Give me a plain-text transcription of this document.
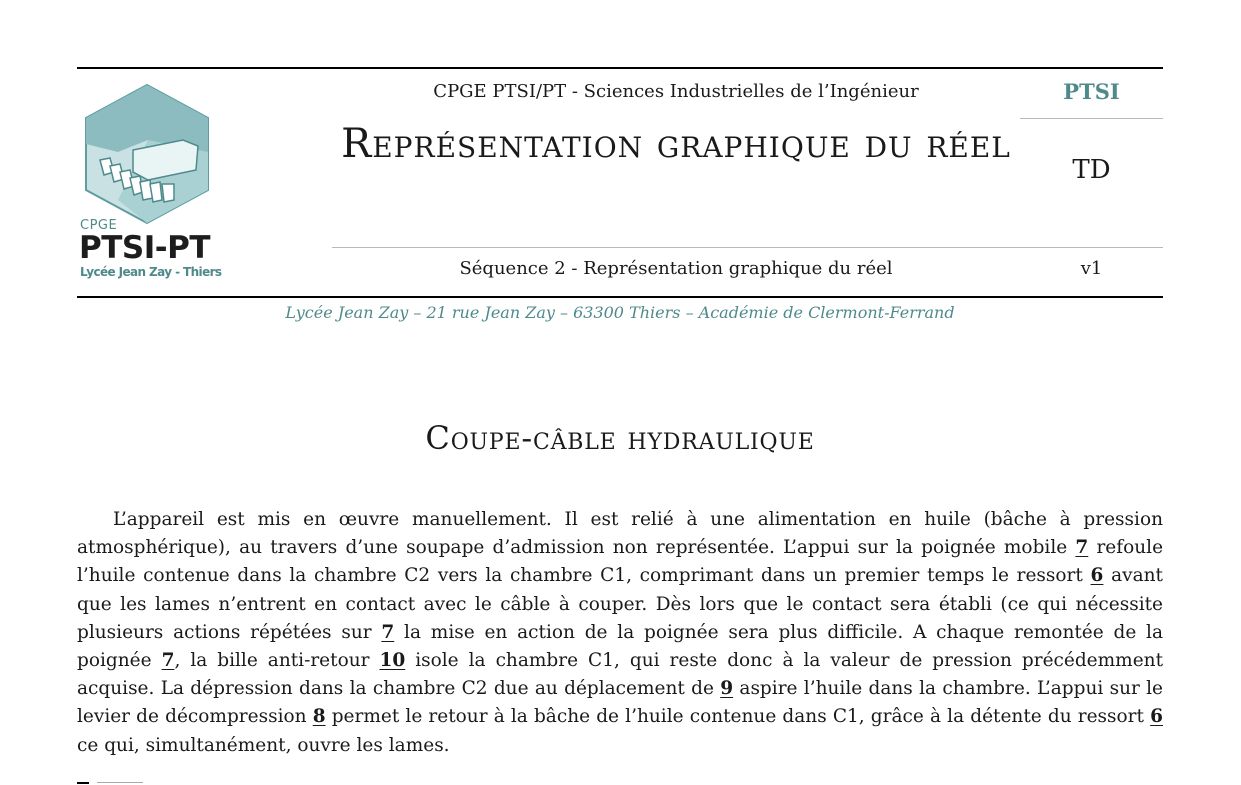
CPGE
PTSI-PT
Lycée Jean Zay - Thiers
CPGE PTSI/PT - Sciences Industrielles de l’Ingénieur
Représentation graphique du réel
Séquence 2 - Représentation graphique du réel
PTSI
TD
v1
Lycée Jean Zay – 21 rue Jean Zay – 63300 Thiers – Académie de Clermont-Ferrand
Coupe-câble hydraulique
L’appareil est mis en œuvre manuellement. Il est relié à une alimentation en huile (bâche à pression atmosphérique), au travers d’une soupape d’admission non représentée. L’appui sur la poignée mobile 7 refoule l’huile contenue dans la chambre C2 vers la chambre C1, comprimant dans un premier temps le ressort 6 avant que les lames n’entrent en contact avec le câble à couper. Dès lors que le contact sera établi (ce qui nécessite plusieurs actions répétées sur 7 la mise en action de la poignée sera plus difficile. A chaque remontée de la poignée 7, la bille anti-retour 10 isole la chambre C1, qui reste donc à la valeur de pression précédemment acquise. La dépression dans la chambre C2 due au déplacement de 9 aspire l’huile dans la chambre. L’appui sur le levier de décompression 8 permet le retour à la bâche de l’huile contenue dans C1, grâce à la détente du ressort 6 ce qui, simultanément, ouvre les lames.
